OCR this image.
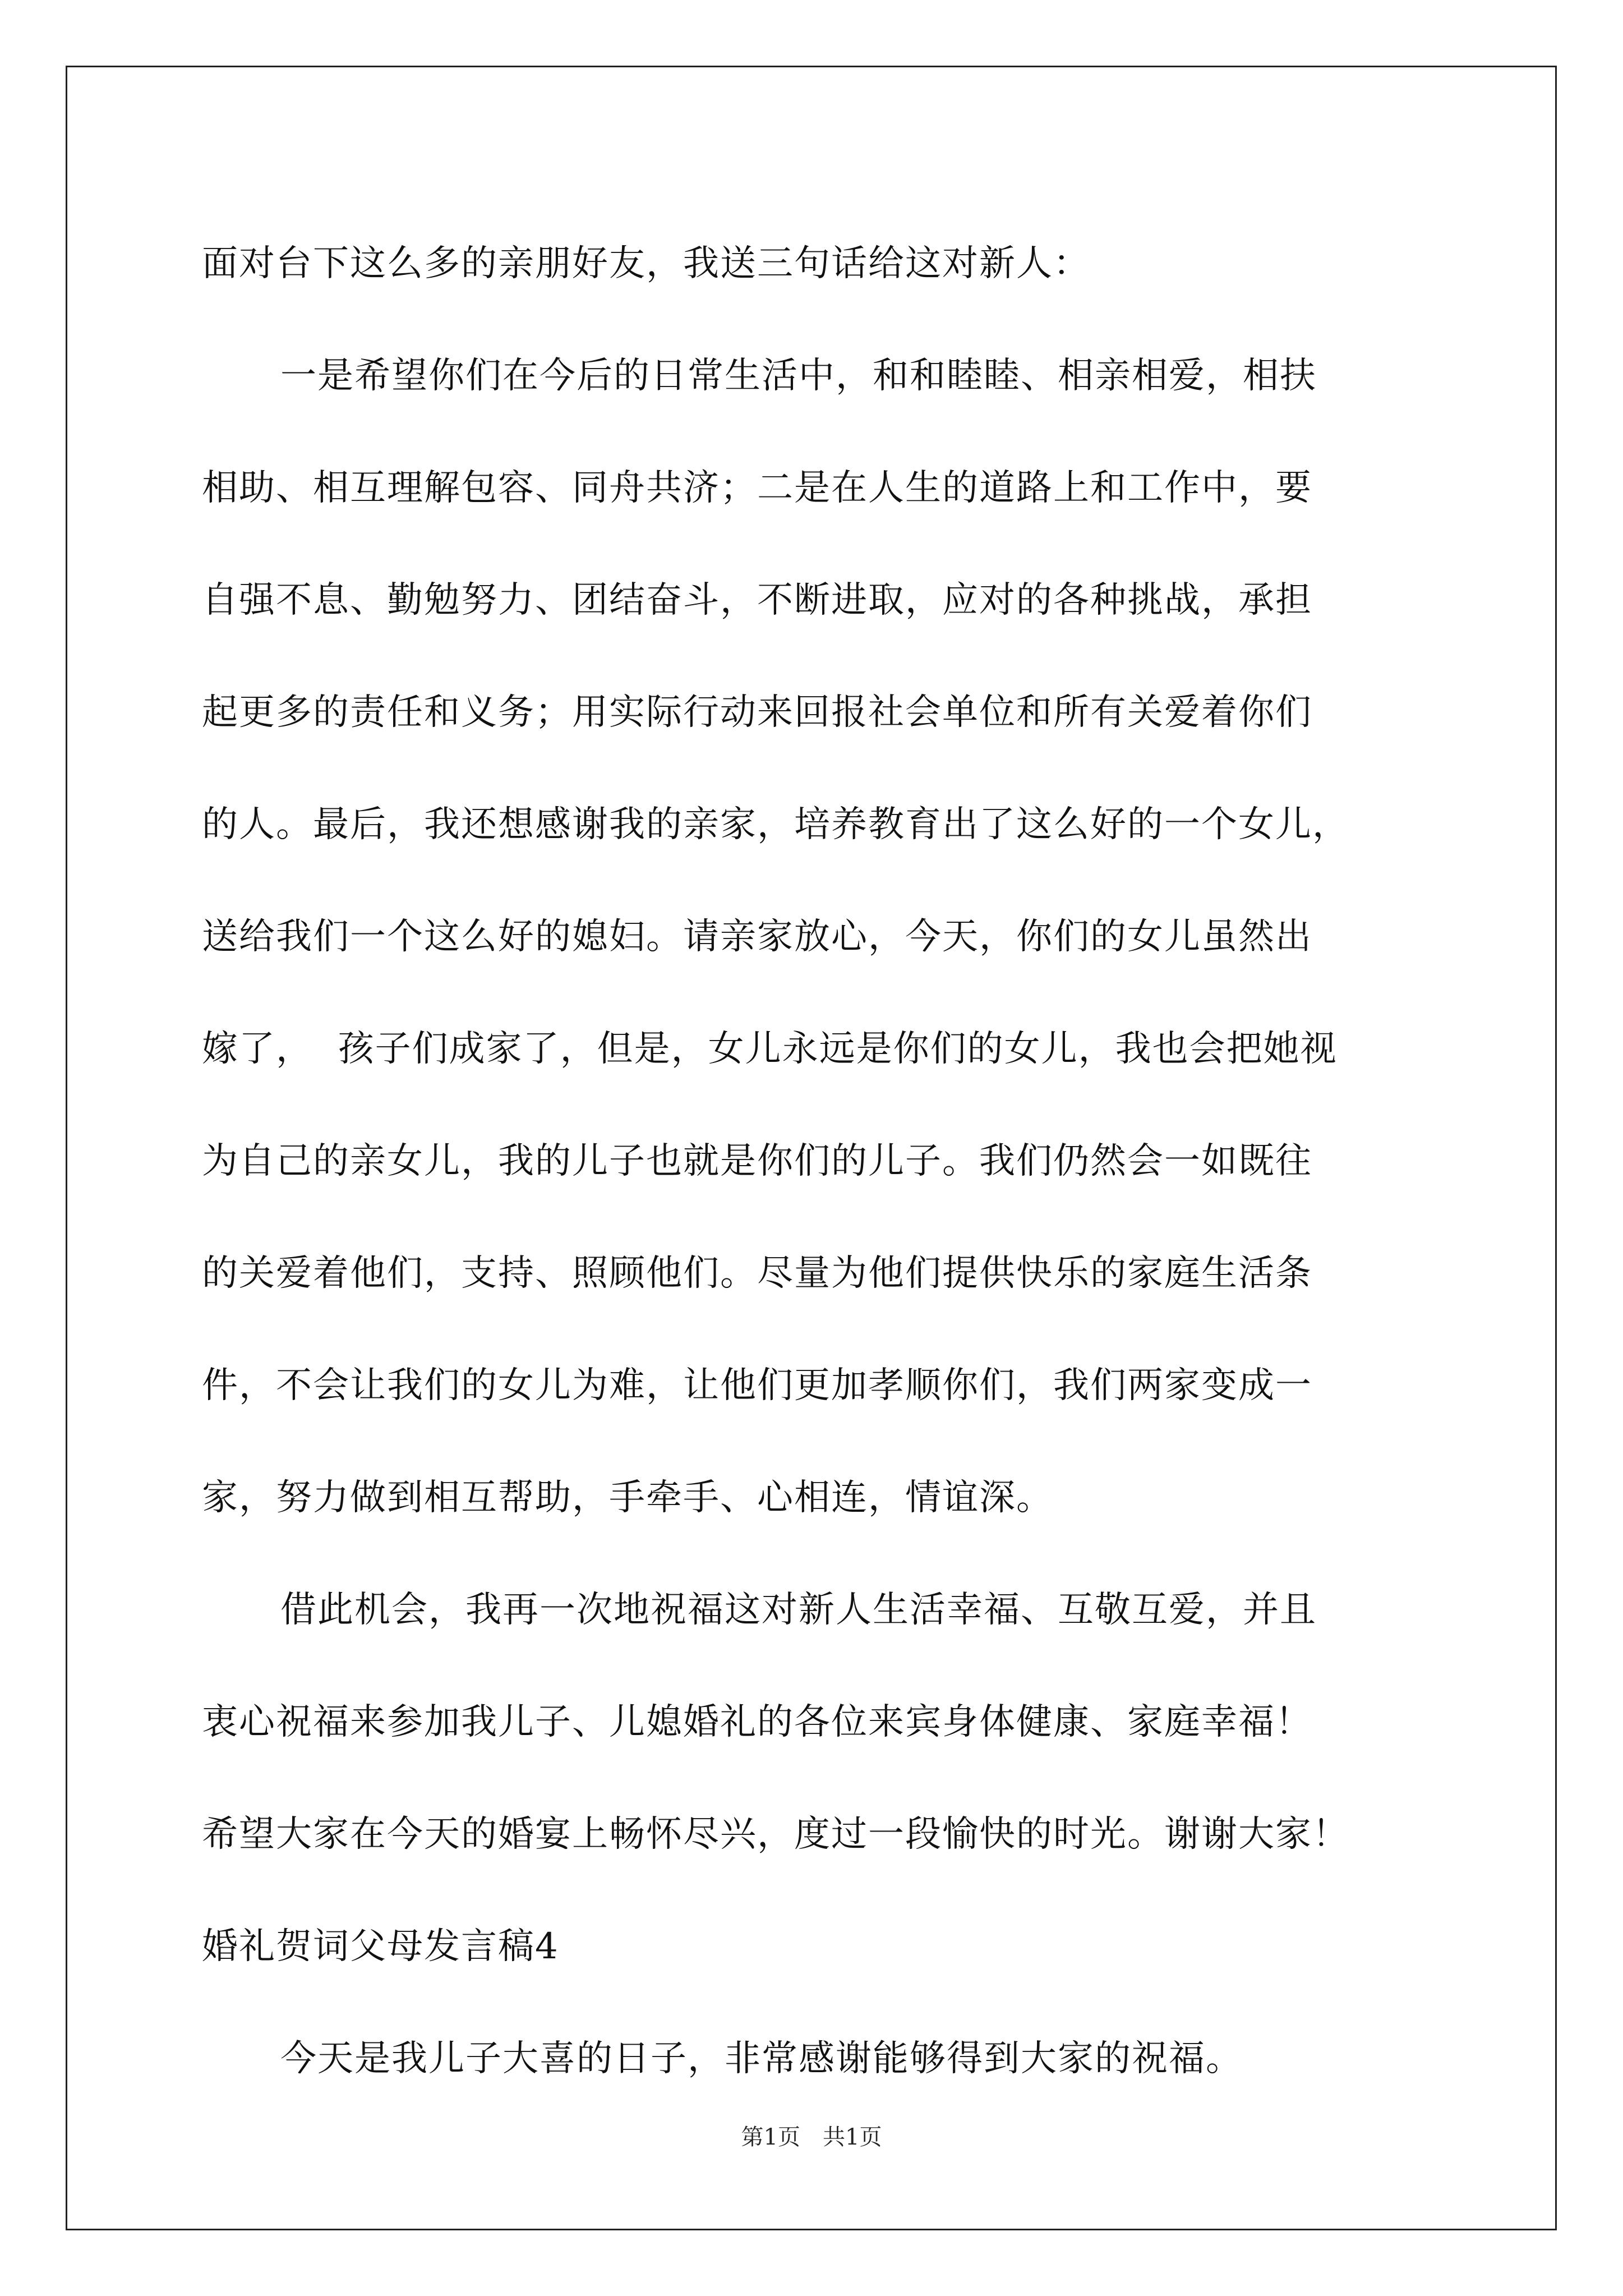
面对台下这么多的亲朋好友，我送三句话给这对新人：
一是希望你们在今后的日常生活中，和和睦睦、相亲相爱，相扶
相助、相互理解包容、同舟共济；二是在人生的道路上和工作中，要
自强不息、勤勉努力、团结奋斗，不断进取，应对的各种挑战，承担
起更多的责任和义务；用实际行动来回报社会单位和所有关爱着你们
的人。最后，我还想感谢我的亲家，培养教育出了这么好的一个女儿，
送给我们一个这么好的媳妇。请亲家放心，今天，你们的女儿虽然出
嫁了，  孩子们成家了，但是，女儿永远是你们的女儿，我也会把她视
为自己的亲女儿，我的儿子也就是你们的儿子。我们仍然会一如既往
的关爱着他们，支持、照顾他们。尽量为他们提供快乐的家庭生活条
件，不会让我们的女儿为难，让他们更加孝顺你们，我们两家变成一
家，努力做到相互帮助，手牵手、心相连，情谊深。
借此机会，我再一次地祝福这对新人生活幸福、互敬互爱，并且
衷心祝福来参加我儿子、儿媳婚礼的各位来宾身体健康、家庭幸福！
希望大家在今天的婚宴上畅怀尽兴，度过一段愉快的时光。谢谢大家！
婚礼贺词父母发言稿4
今天是我儿子大喜的日子，非常感谢能够得到大家的祝福。
第1页　共1页
